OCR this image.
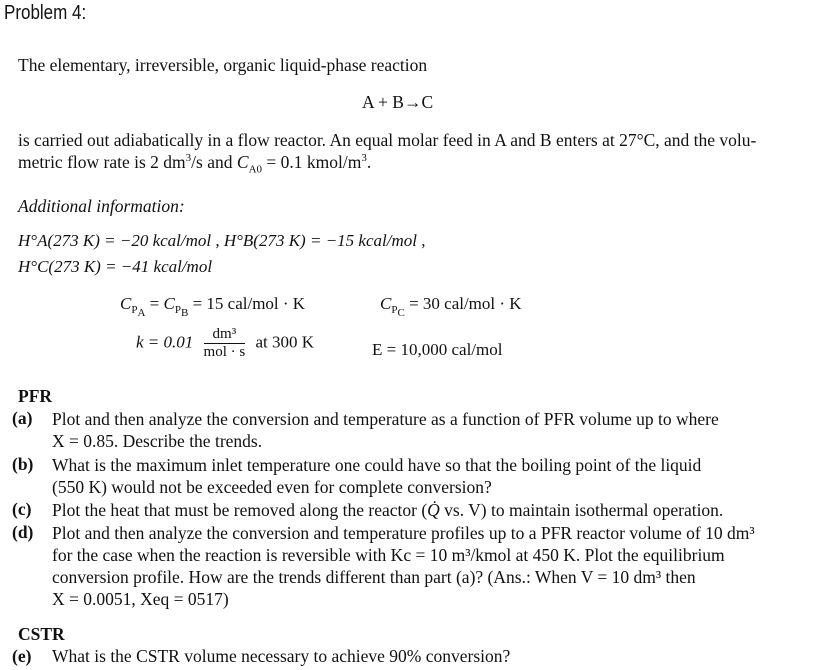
Problem 4:
The elementary, irreversible, organic liquid-phase reaction
A + B→C
is carried out adiabatically in a flow reactor. An equal molar feed in A and B enters at 27°C, and the volu-
metric flow rate is 2 $dm^3/s$ and $C_{A0} = 0.1$ kmol/$m^3$.
Additional information:
H°A(273 K) = −20 kcal/mol , H°B(273 K) = −15 kcal/mol ,
H°C(273 K) = −41 kcal/mol
$C_{P_A} = C_{P_B} = 15$ cal/mol · K	$C_{P_C} = 30$ cal/mol · K
$k = 0.01 \frac{\text{dm³}}{\text{mol · s}}$ at 300 K	E = 10,000 cal/mol
PFR
(a) Plot and then analyze the conversion and temperature as a function of PFR volume up to where
X = 0.85. Describe the trends.
(b) What is the maximum inlet temperature one could have so that the boiling point of the liquid
(550 K) would not be exceeded even for complete conversion?
(c) Plot the heat that must be removed along the reactor (Q̇ vs. V) to maintain isothermal operation.
(d) Plot and then analyze the conversion and temperature profiles up to a PFR reactor volume of 10 dm³
for the case when the reaction is reversible with Kc = 10 m³/kmol at 450 K. Plot the equilibrium
conversion profile. How are the trends different than part (a)? (Ans.: When V = 10 dm³ then
X = 0.0051, Xeq = 0517)
CSTR
(e) What is the CSTR volume necessary to achieve 90% conversion?
